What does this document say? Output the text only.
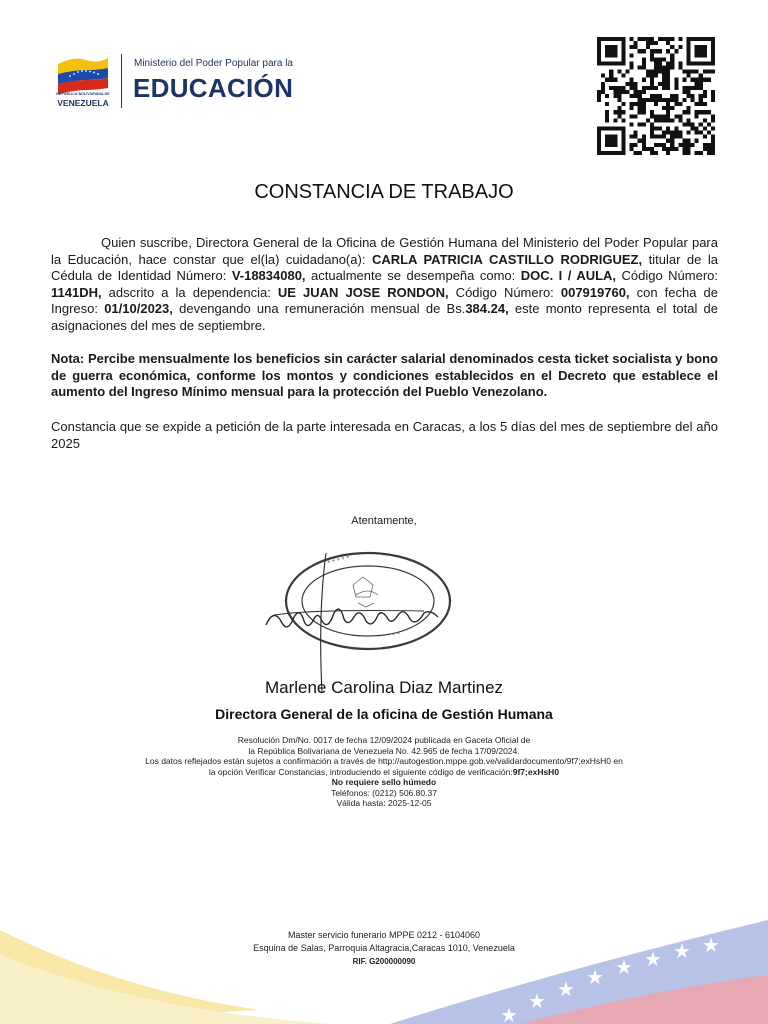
REPÚBLICA BOLIVARIANA DE
VENEZUELA
Ministerio del Poder Popular para la
EDUCACIÓN
CONSTANCIA DE TRABAJO
Quien suscribe, Directora General de la Oficina de Gestión Humana del Ministerio del Poder Popular para la Educación, hace constar que el(la) cuidadano(a): CARLA PATRICIA CASTILLO RODRIGUEZ, titular de la Cédula de Identidad Número: V-18834080, actualmente se desempeña como: DOC. I / AULA, Código Número: 1141DH, adscrito a la dependencia: UE JUAN JOSE RONDON, Código Número: 007919760, con fecha de Ingreso: 01/10/2023, devengando una remuneración mensual de Bs.384.24, este monto representa el total de asignaciones del mes de septiembre.
Nota: Percibe mensualmente los beneficios sin carácter salarial denominados cesta ticket socialista y bono de guerra económica, conforme los montos y condiciones establecidos en el Decreto que establece el aumento del Ingreso Mínimo mensual para la protección del Pueblo Venezolano.
Constancia que se expide a petición de la parte interesada en Caracas, a los 5 días del mes de septiembre del año 2025
Atentamente,
* * * * *
* * * * *
Marlene Carolina Diaz Martinez
Directora General de la oficina de Gestión Humana
Resolución Dm/No. 0017 de fecha 12/09/2024 publicada en Gaceta Oficial de
la República Bolivariana de Venezuela No. 42.965 de fecha 17/09/2024.
Los datos reflejados están sujetos a confirmación a través de http://autogestion.mppe.gob.ve/validardocumento/9f7;exHsH0 en
la opción Verificar Constancias, introduciendo el siguiente código de verificación:9f7;exHsH0
No requiere sello húmedo
Teléfonos: (0212) 506.80.37
Válida hasta: 2025-12-05
★
★ ★ ★ ★ ★ ★ ★
Master servicio funerario MPPE 0212 - 6104060
Esquina de Salas, Parroquia Altagracia,Caracas 1010, Venezuela
RIF. G200000090
